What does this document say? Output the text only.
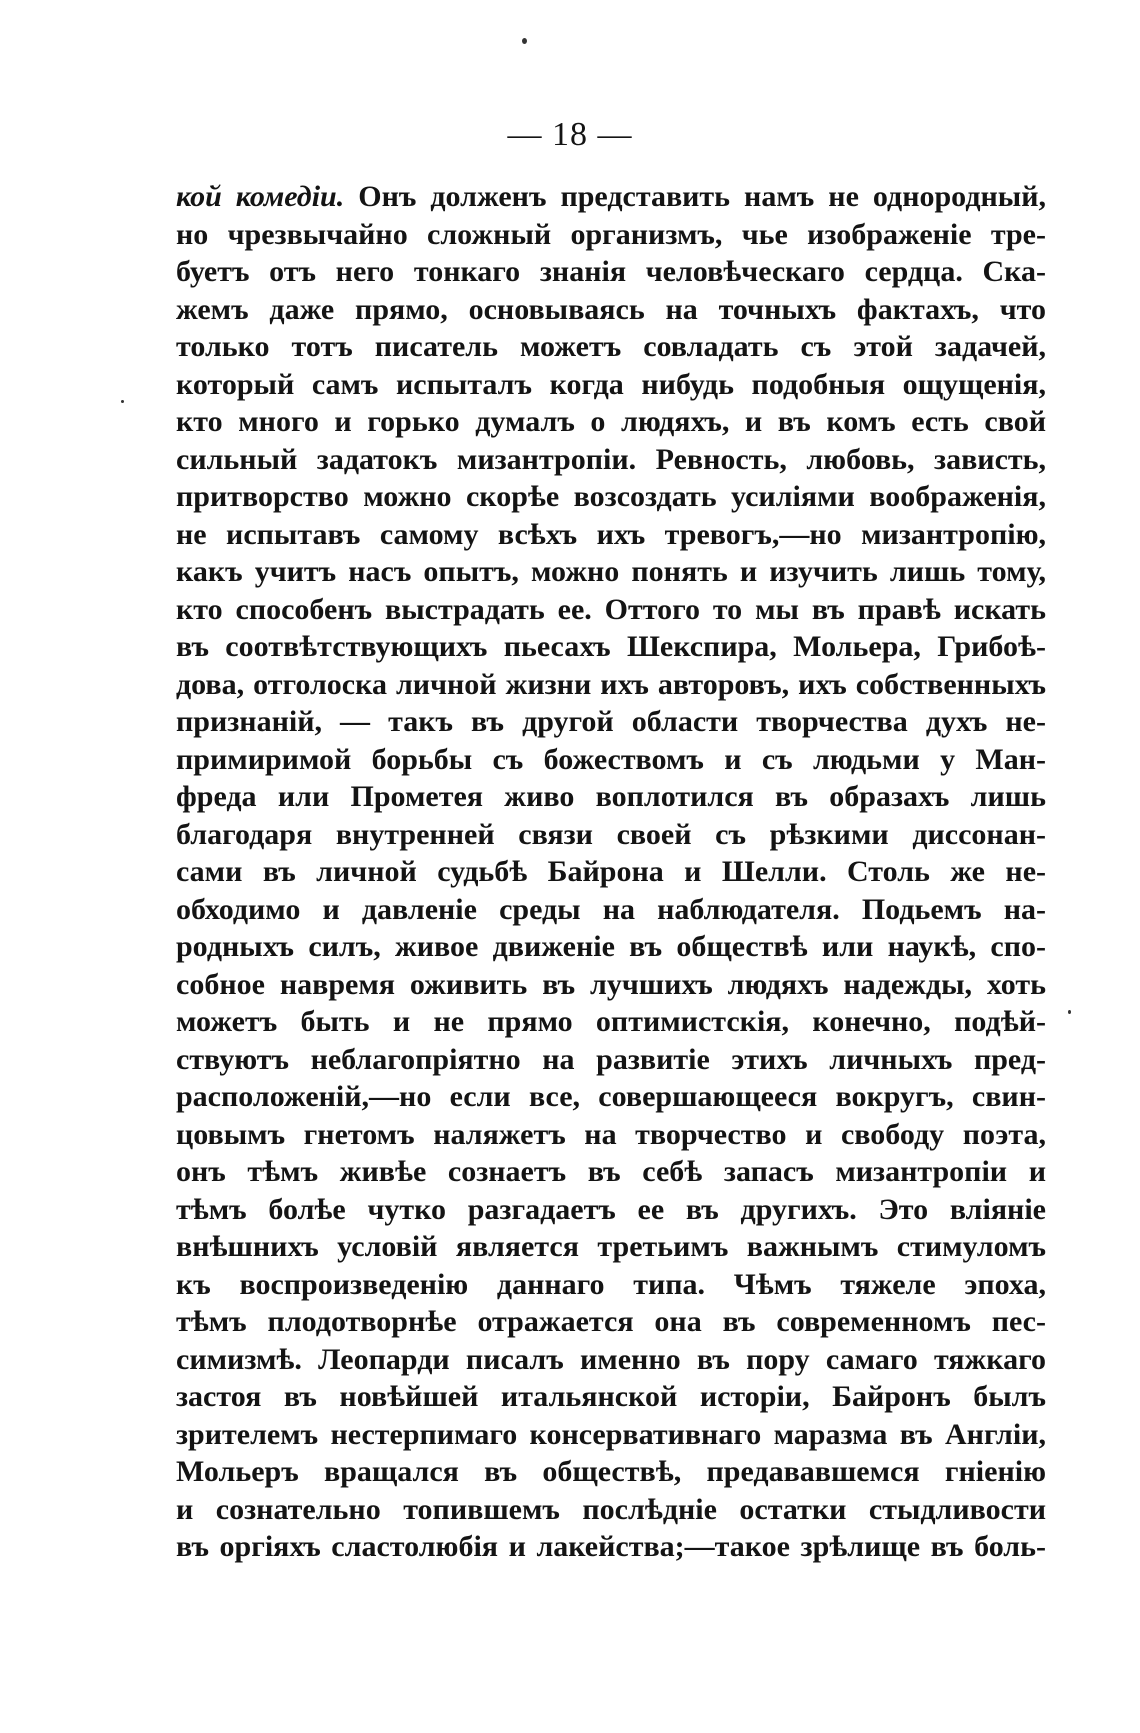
— 18 —
кой комедіи. Онъ долженъ представить намъ не однородный,
но чрезвычайно сложный организмъ, чье изображеніе тре-
буетъ отъ него тонкаго знанія человѣческаго сердца. Ска-
жемъ даже прямо, основываясь на точныхъ фактахъ, что
только тотъ писатель можетъ совладать съ этой задачей,
который самъ испыталъ когда нибудь подобныя ощущенія,
кто много и горько думалъ о людяхъ, и въ комъ есть свой
сильный задатокъ мизантропіи. Ревность, любовь, зависть,
притворство можно скорѣе возсоздать усиліями воображенія,
не испытавъ самому всѣхъ ихъ тревогъ,—но мизантропію,
какъ учитъ насъ опытъ, можно понять и изучить лишь тому,
кто способенъ выстрадать ее. Оттого то мы въ правѣ искать
въ соотвѣтствующихъ пьесахъ Шекспира, Мольера, Грибоѣ-
дова, отголоска личной жизни ихъ авторовъ, ихъ собственныхъ
признаній, — такъ въ другой области творчества духъ не-
примиримой борьбы съ божествомъ и съ людьми у Ман-
фреда или Прометея живо воплотился въ образахъ лишь
благодаря внутренней связи своей съ рѣзкими диссонан-
сами въ личной судьбѣ Байрона и Шелли. Столь же не-
обходимо и давленіе среды на наблюдателя. Подьемъ на-
родныхъ силъ, живое движеніе въ обществѣ или наукѣ, спо-
собное навремя оживить въ лучшихъ людяхъ надежды, хоть
можетъ быть и не прямо оптимистскія, конечно, подѣй-
ствуютъ неблагопріятно на развитіе этихъ личныхъ пред-
расположеній,—но если все, совершающееся вокругъ, свин-
цовымъ гнетомъ наляжетъ на творчество и свободу поэта,
онъ тѣмъ живѣе сознаетъ въ себѣ запасъ мизантропіи и
тѣмъ болѣе чутко разгадаетъ ее въ другихъ. Это вліяніе
внѣшнихъ условій является третьимъ важнымъ стимуломъ
къ воспроизведенію даннаго типа. Чѣмъ тяжеле эпоха,
тѣмъ плодотворнѣе отражается она въ современномъ пес-
симизмѣ. Леопарди писалъ именно въ пору самаго тяжкаго
застоя въ новѣйшей итальянской исторіи, Байронъ былъ
зрителемъ нестерпимаго консервативнаго маразма въ Англіи,
Мольеръ вращался въ обществѣ, предававшемся гніенію
и сознательно топившемъ послѣдніе остатки стыдливости
въ оргіяхъ сластолюбія и лакейства;—такое зрѣлище въ боль-
